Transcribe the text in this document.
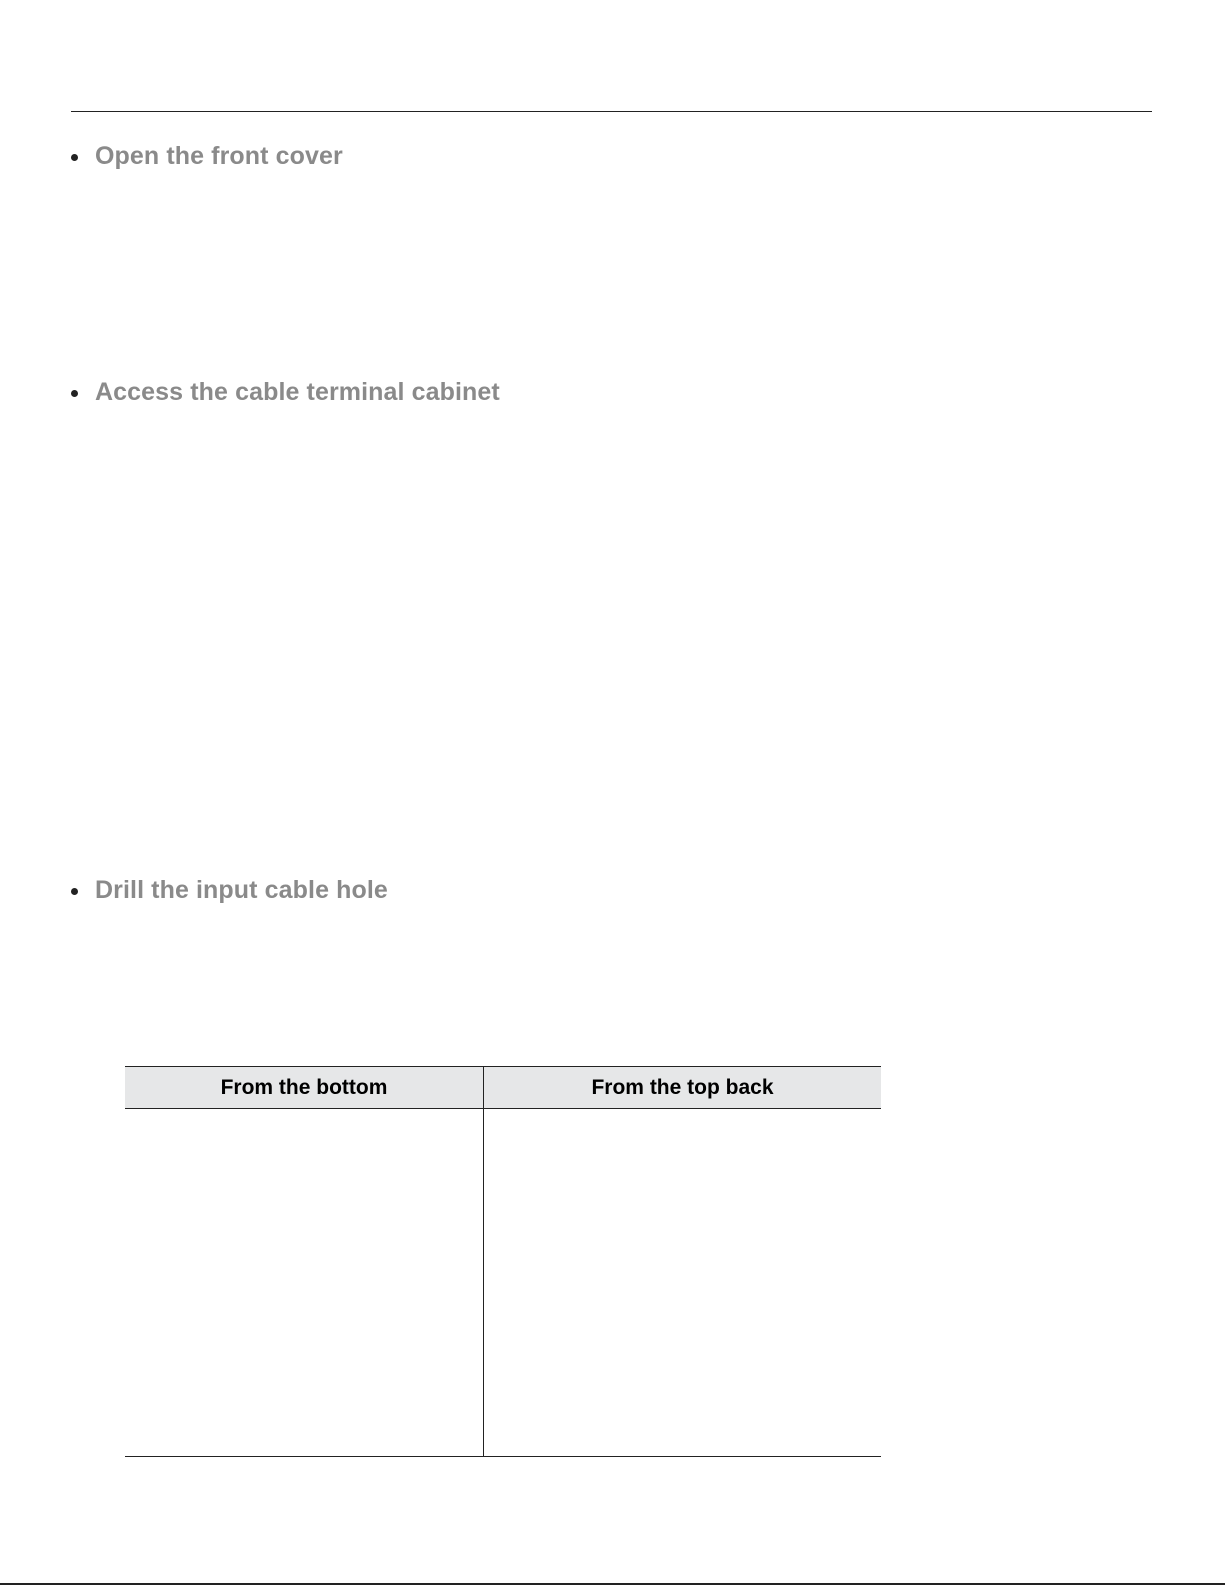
Open the front cover
Access the cable terminal cabinet
Drill the input cable hole
From the bottom	From the top back
